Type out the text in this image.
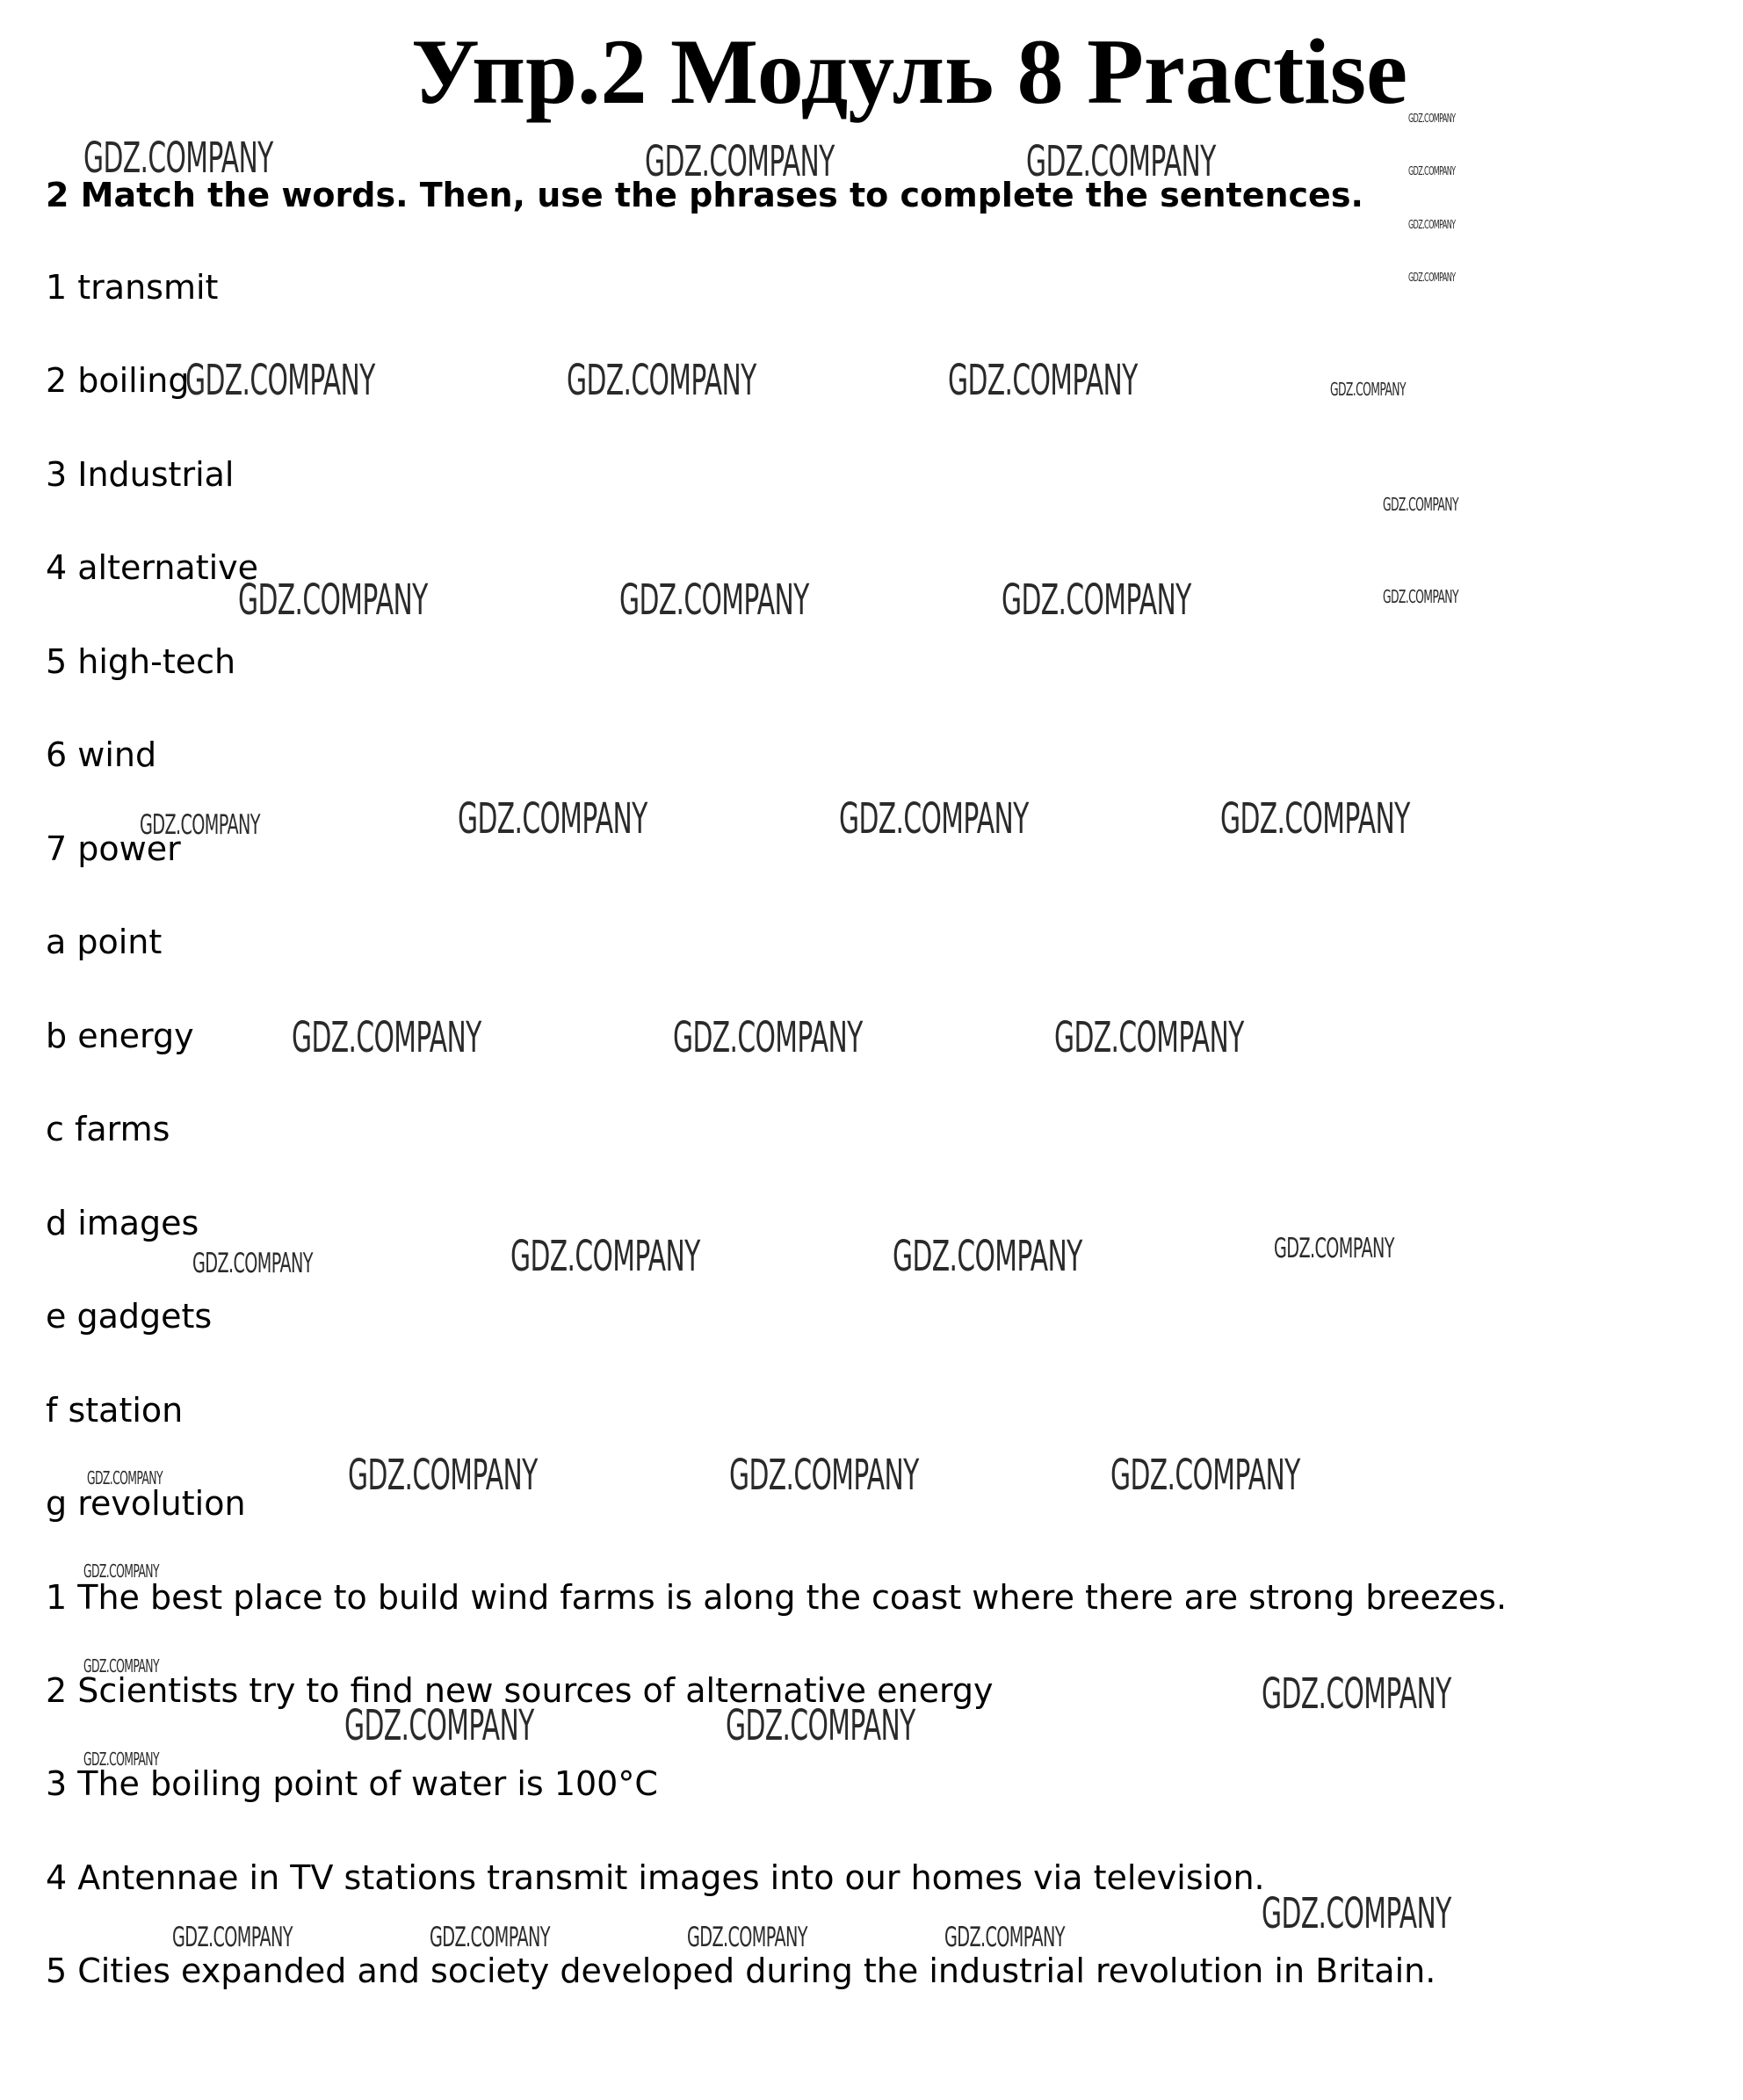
Упр.2 Модуль 8 Practise
2 Match the words. Then, use the phrases to complete the sentences.
1 transmit
2 boiling
3 Industrial
4 alternative
5 high-tech
6 wind
7 power
a point
b energy
c farms
d images
e gadgets
f station
g revolution
1 The best place to build wind farms is along the coast where there are strong breezes.
2 Scientists try to find new sources of alternative energy
3 The boiling point of water is 100°C
4 Antennae in TV stations transmit images into our homes via television.
5 Cities expanded and society developed during the industrial revolution in Britain.
GDZ.COMPANY	GDZ.COMPANY	GDZ.COMPANY
GDZ.COMPANY
GDZ.COMPANY
GDZ.COMPANY
GDZ.COMPANY
GDZ.COMPANY	GDZ.COMPANY	GDZ.COMPANY	GDZ.COMPANY
GDZ.COMPANY
GDZ.COMPANY
GDZ.COMPANY	GDZ.COMPANY	GDZ.COMPANY
GDZ.COMPANY	GDZ.COMPANY	GDZ.COMPANY	GDZ.COMPANY
GDZ.COMPANY	GDZ.COMPANY	GDZ.COMPANY
GDZ.COMPANY	GDZ.COMPANY	GDZ.COMPANY	GDZ.COMPANY
GDZ.COMPANY	GDZ.COMPANY	GDZ.COMPANY	GDZ.COMPANY
GDZ.COMPANY
GDZ.COMPANY
GDZ.COMPANY
GDZ.COMPANY	GDZ.COMPANY
GDZ.COMPANY
GDZ.COMPANY
GDZ.COMPANY	GDZ.COMPANY	GDZ.COMPANY	GDZ.COMPANY
